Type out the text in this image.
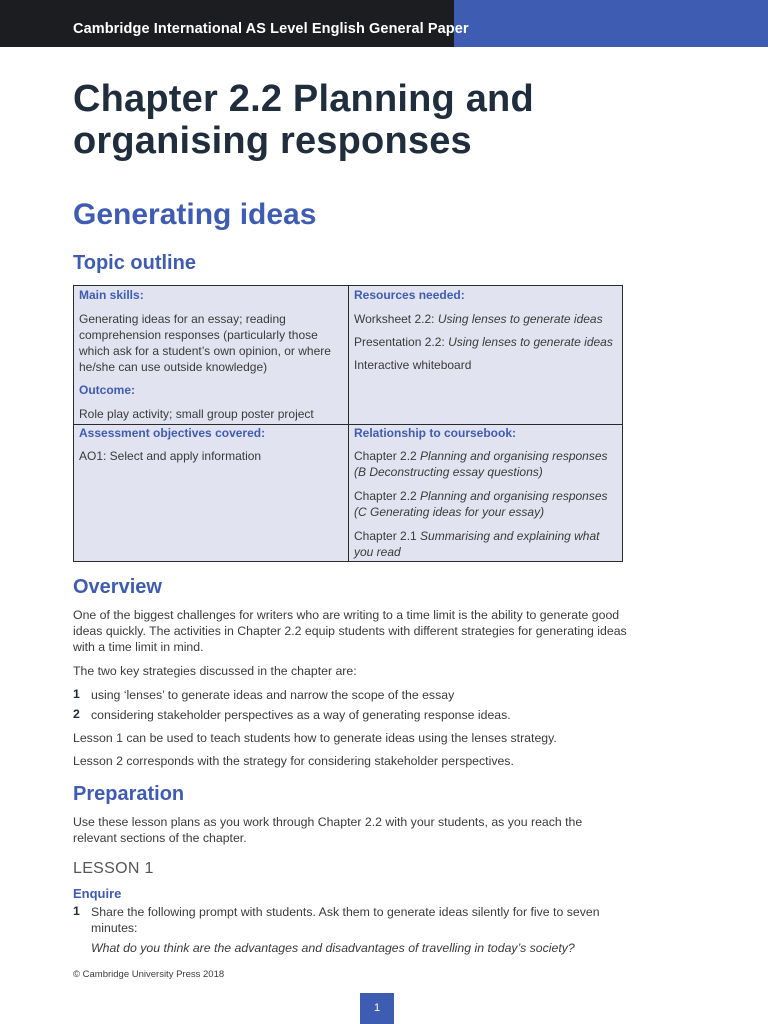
Cambridge International AS Level English General Paper
Chapter 2.2 Planning and organising responses
Generating ideas
Topic outline
Main skills:
Generating ideas for an essay; reading comprehension responses (particularly those which ask for a student’s own opinion, or where he/she can use outside knowledge)
Outcome:
Role play activity; small group poster project
Resources needed:
Worksheet 2.2: Using lenses to generate ideas
Presentation 2.2: Using lenses to generate ideas
Interactive whiteboard
Assessment objectives covered:
AO1: Select and apply information
Relationship to coursebook:
Chapter 2.2 Planning and organising responses (B Deconstructing essay questions)
Chapter 2.2 Planning and organising responses (C Generating ideas for your essay)
Chapter 2.1 Summarising and explaining what you read
Overview

One of the biggest challenges for writers who are writing to a time limit is the ability to generate good ideas quickly. The activities in Chapter 2.2 equip students with different strategies for generating ideas with a time limit in mind.

The two key strategies discussed in the chapter are:

1 using ‘lenses’ to generate ideas and narrow the scope of the essay
2 considering stakeholder perspectives as a way of generating response ideas.

Lesson 1 can be used to teach students how to generate ideas using the lenses strategy.

Lesson 2 corresponds with the strategy for considering stakeholder perspectives.

Preparation

Use these lesson plans as you work through Chapter 2.2 with your students, as you reach the relevant sections of the chapter.

LESSON 1
Enquire
1 Share the following prompt with students. Ask them to generate ideas silently for five to seven minutes:
What do you think are the advantages and disadvantages of travelling in today’s society?
© Cambridge University Press 2018
1
